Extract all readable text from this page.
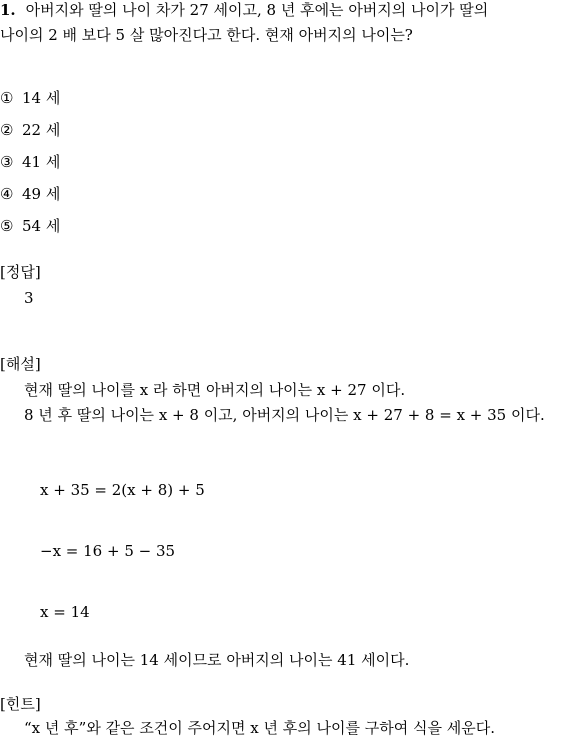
1. 아버지와 딸의 나이 차가 27 세이고, 8 년 후에는 아버지의 나이가 딸의
나이의 2 배 보다 5 살 많아진다고 한다. 현재 아버지의 나이는?
① 14 세
② 22 세
③ 41 세
④ 49 세
⑤ 54 세
[정답]
3
[해설]
현재 딸의 나이를 x 라 하면 아버지의 나이는 x + 27 이다.
8 년 후 딸의 나이는 x + 8 이고, 아버지의 나이는 x + 27 + 8 = x + 35 이다.
x + 35 = 2(x + 8) + 5
−x = 16 + 5 − 35
x = 14
현재 딸의 나이는 14 세이므로 아버지의 나이는 41 세이다.
[힌트]
“x 년 후”와 같은 조건이 주어지면 x 년 후의 나이를 구하여 식을 세운다.
